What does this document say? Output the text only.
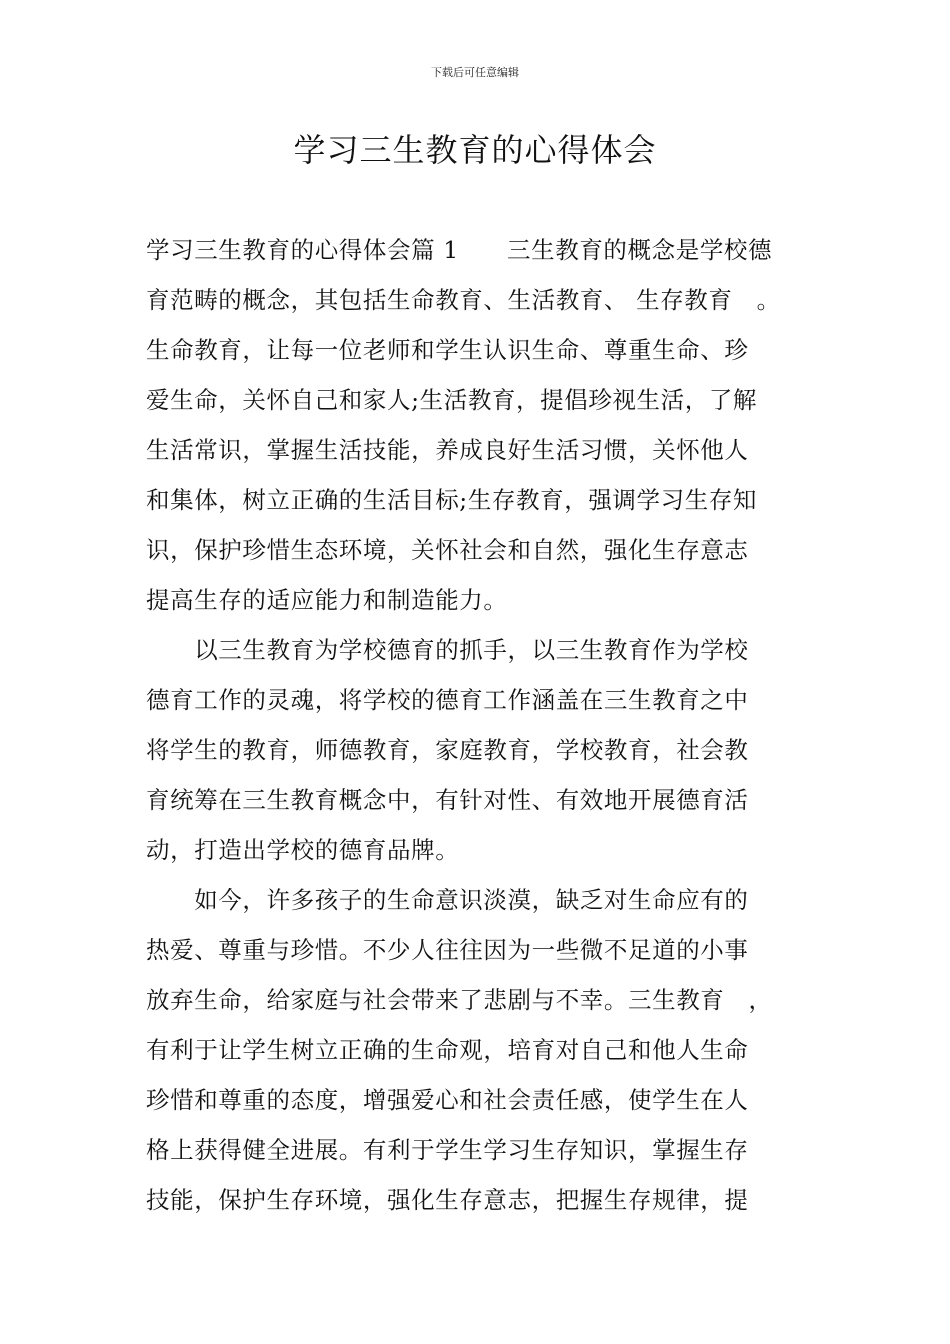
下载后可任意编辑
学习三生教育的心得体会
学习三生教育的心得体会篇 1　　三生教育的概念是学校德
育范畴的概念，其包括生命教育、生活教育、 生存教育　。
生命教育，让每一位老师和学生认识生命、尊重生命、珍
爱生命，关怀自己和家人;生活教育，提倡珍视生活，了解
生活常识，掌握生活技能，养成良好生活习惯，关怀他人
和集体，树立正确的生活目标;生存教育，强调学习生存知
识，保护珍惜生态环境，关怀社会和自然，强化生存意志
提高生存的适应能力和制造能力。
　　以三生教育为学校德育的抓手，以三生教育作为学校
德育工作的灵魂，将学校的德育工作涵盖在三生教育之中
将学生的教育，师德教育，家庭教育，学校教育，社会教
育统筹在三生教育概念中，有针对性、有效地开展德育活
动，打造出学校的德育品牌。
　　如今，许多孩子的生命意识淡漠，缺乏对生命应有的
热爱、尊重与珍惜。不少人往往因为一些微不足道的小事
放弃生命，给家庭与社会带来了悲剧与不幸。三生教育　，
有利于让学生树立正确的生命观，培育对自己和他人生命
珍惜和尊重的态度，增强爱心和社会责任感，使学生在人
格上获得健全进展。有利于学生学习生存知识，掌握生存
技能，保护生存环境，强化生存意志，把握生存规律，提
